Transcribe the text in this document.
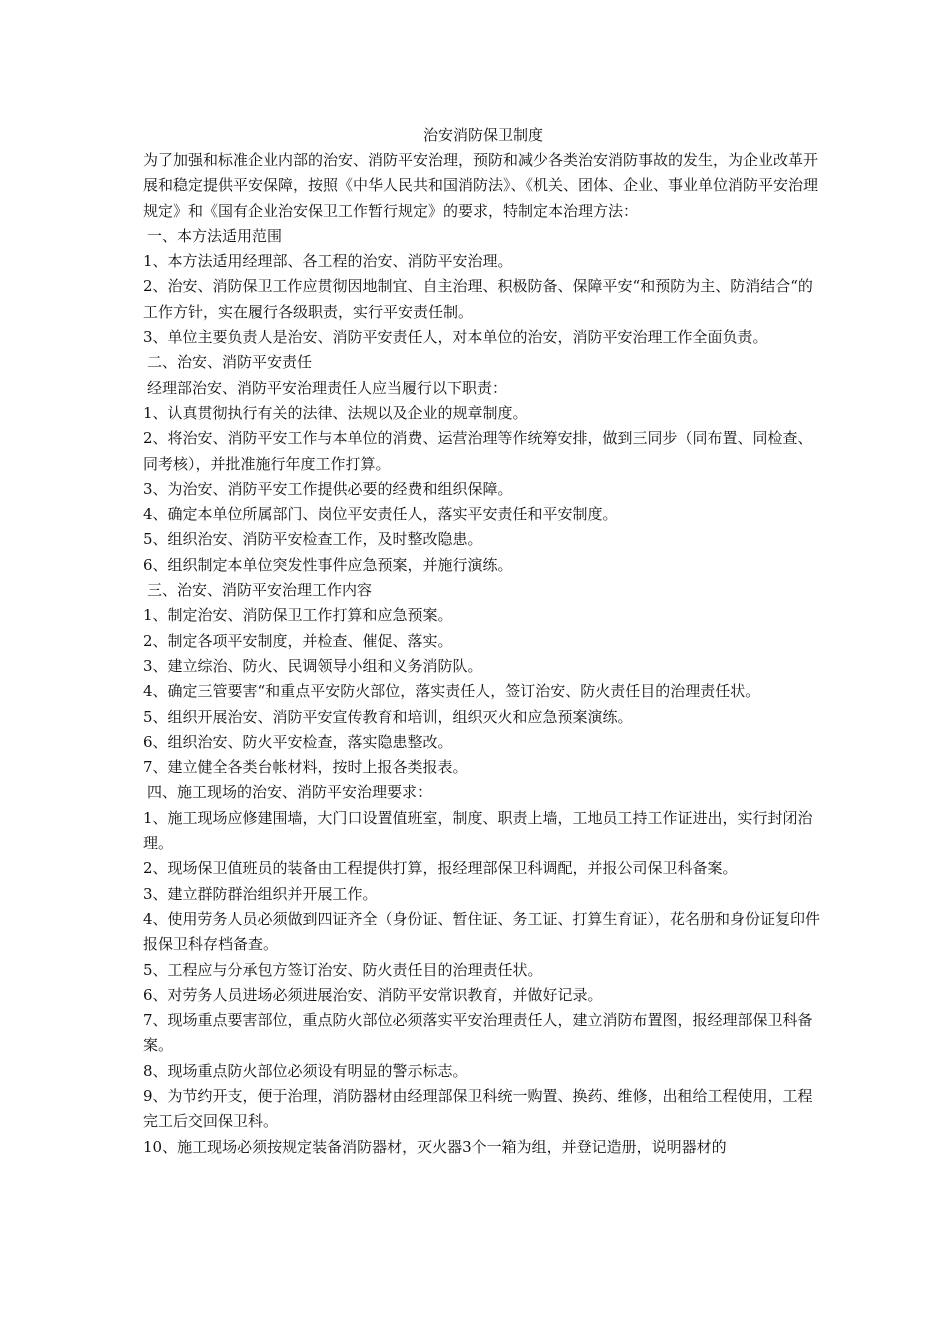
治安消防保卫制度

为了加强和标准企业内部的治安、消防平安治理，预防和减少各类治安消防事故的发生，为企业改革开展和稳定提供平安保障，按照《中华人民共和国消防法》、《机关、团体、企业、事业单位消防平安治理规定》和《国有企业治安保卫工作暂行规定》的要求，特制定本治理方法：

一、本方法适用范围

1、本方法适用经理部、各工程的治安、消防平安治理。

2、治安、消防保卫工作应贯彻因地制宜、自主治理、积极防备、保障平安“和预防为主、防消结合“的工作方针，实在履行各级职责，实行平安责任制。

3、单位主要负责人是治安、消防平安责任人，对本单位的治安，消防平安治理工作全面负责。

二、治安、消防平安责任

经理部治安、消防平安治理责任人应当履行以下职责：

1、认真贯彻执行有关的法律、法规以及企业的规章制度。

2、将治安、消防平安工作与本单位的消费、运营治理等作统筹安排，做到三同步（同布置、同检查、同考核），并批准施行年度工作打算。

3、为治安、消防平安工作提供必要的经费和组织保障。

4、确定本单位所属部门、岗位平安责任人，落实平安责任和平安制度。

5、组织治安、消防平安检查工作，及时整改隐患。

6、组织制定本单位突发性事件应急预案，并施行演练。

三、治安、消防平安治理工作内容

1、制定治安、消防保卫工作打算和应急预案。

2、制定各项平安制度，并检查、催促、落实。

3、建立综治、防火、民调领导小组和义务消防队。

4、确定三管要害“和重点平安防火部位，落实责任人，签订治安、防火责任目的治理责任状。

5、组织开展治安、消防平安宣传教育和培训，组织灭火和应急预案演练。

6、组织治安、防火平安检查，落实隐患整改。

7、建立健全各类台帐材料，按时上报各类报表。

四、施工现场的治安、消防平安治理要求：

1、施工现场应修建围墙，大门口设置值班室，制度、职责上墙，工地员工持工作证进出，实行封闭治理。

2、现场保卫值班员的装备由工程提供打算，报经理部保卫科调配，并报公司保卫科备案。

3、建立群防群治组织并开展工作。

4、使用劳务人员必须做到四证齐全（身份证、暂住证、务工证、打算生育证），花名册和身份证复印件报保卫科存档备查。

5、工程应与分承包方签订治安、防火责任目的治理责任状。

6、对劳务人员进场必须进展治安、消防平安常识教育，并做好记录。

7、现场重点要害部位，重点防火部位必须落实平安治理责任人，建立消防布置图，报经理部保卫科备案。

8、现场重点防火部位必须设有明显的警示标志。

9、为节约开支，便于治理，消防器材由经理部保卫科统一购置、换药、维修，出租给工程使用，工程完工后交回保卫科。

10、施工现场必须按规定装备消防器材，灭火器3个一箱为组，并登记造册，说明器材的
